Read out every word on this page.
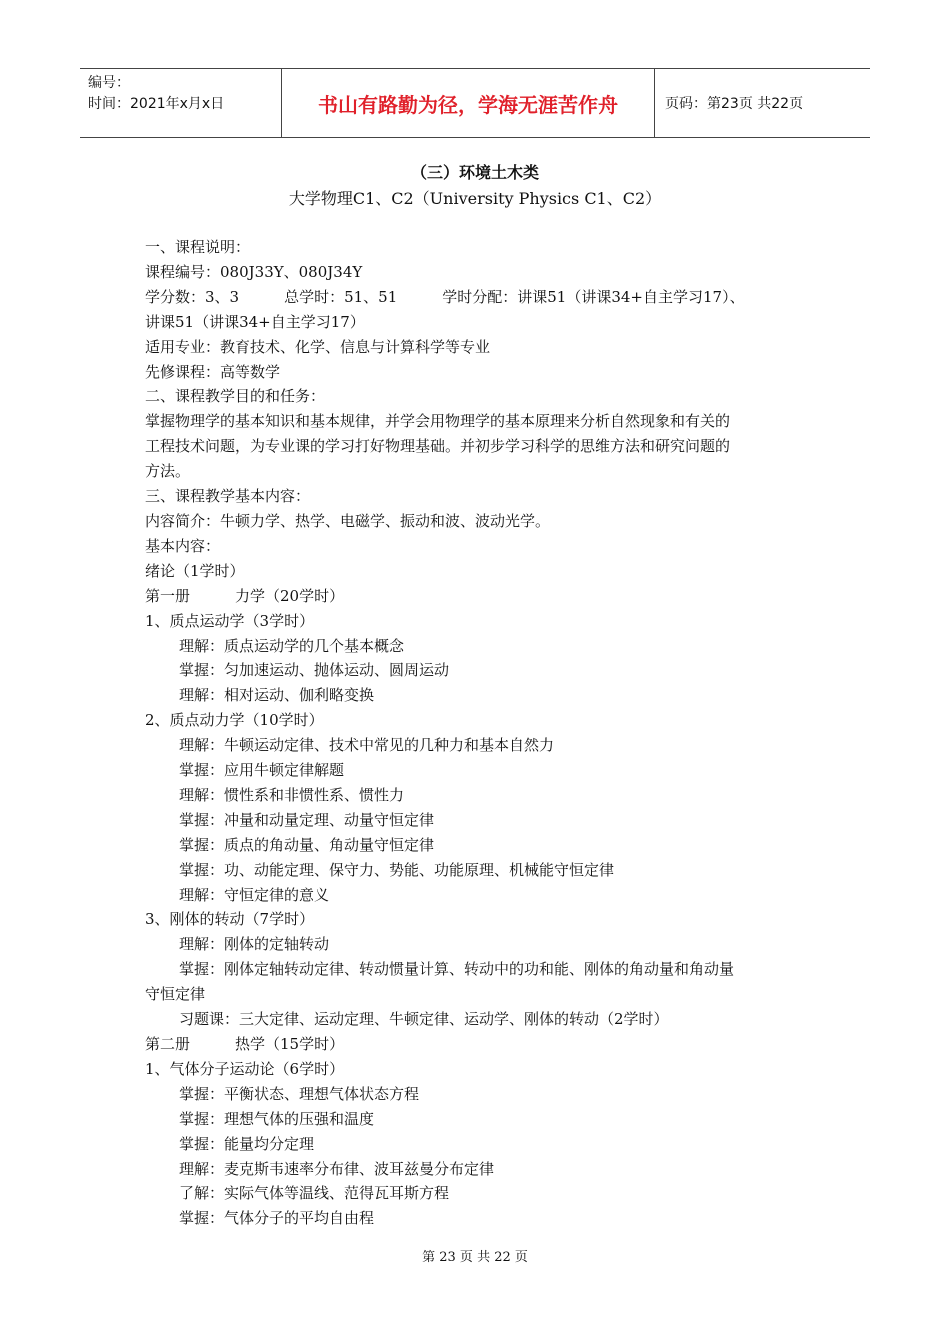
编号：
时间：2021年x月x日	书山有路勤为径，学海无涯苦作舟	页码：第23页 共22页
（三）环境土木类
大学物理C1、C2（University Physics C1、C2）
一、课程说明：
课程编号：080J33Y、080J34Y
学分数：3、3　　　总学时：51、51　　　学时分配：讲课51（讲课34+自主学习17）、
讲课51（讲课34+自主学习17）
适用专业：教育技术、化学、信息与计算科学等专业
先修课程：高等数学
二、课程教学目的和任务：
掌握物理学的基本知识和基本规律，并学会用物理学的基本原理来分析自然现象和有关的
工程技术问题，为专业课的学习打好物理基础。并初步学习科学的思维方法和研究问题的
方法。
三、课程教学基本内容：
内容简介：牛顿力学、热学、电磁学、振动和波、波动光学。
基本内容：
绪论（1学时）
第一册　　　力学（20学时）
1、质点运动学（3学时）
理解：质点运动学的几个基本概念
掌握：匀加速运动、抛体运动、圆周运动
理解：相对运动、伽利略变换
2、质点动力学（10学时）
理解：牛顿运动定律、技术中常见的几种力和基本自然力
掌握：应用牛顿定律解题
理解：惯性系和非惯性系、惯性力
掌握：冲量和动量定理、动量守恒定律
掌握：质点的角动量、角动量守恒定律
掌握：功、动能定理、保守力、势能、功能原理、机械能守恒定律
理解：守恒定律的意义
3、刚体的转动（7学时）
理解：刚体的定轴转动
掌握：刚体定轴转动定律、转动惯量计算、转动中的功和能、刚体的角动量和角动量
守恒定律
习题课：三大定律、运动定理、牛顿定律、运动学、刚体的转动（2学时）
第二册　　　热学（15学时）
1、气体分子运动论（6学时）
掌握：平衡状态、理想气体状态方程
掌握：理想气体的压强和温度
掌握：能量均分定理
理解：麦克斯韦速率分布律、波耳兹曼分布定律
了解：实际气体等温线、范得瓦耳斯方程
掌握：气体分子的平均自由程
第 23 页 共 22 页
